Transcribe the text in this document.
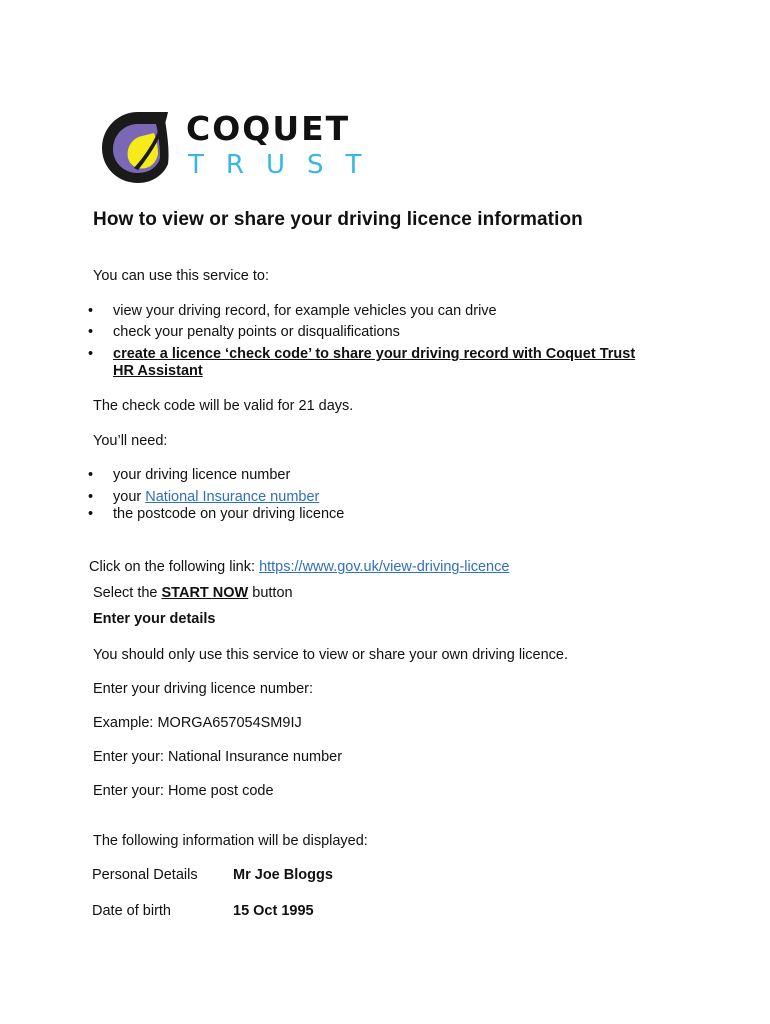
COQUET
TRUST
How to view or share your driving licence information
You can use this service to:
• view your driving record, for example vehicles you can drive
• check your penalty points or disqualifications
• create a licence ‘check code’ to share your driving record with Coquet Trust
HR Assistant
The check code will be valid for 21 days.
You’ll need:
• your driving licence number
• your National Insurance number
• the postcode on your driving licence
Click on the following link: https://www.gov.uk/view-driving-licence
Select the START NOW button
Enter your details
You should only use this service to view or share your own driving licence.
Enter your driving licence number:
Example: MORGA657054SM9IJ
Enter your: National Insurance number
Enter your: Home post code
The following information will be displayed:
Personal Details Mr Joe Bloggs
Date of birth	15 Oct 1995
